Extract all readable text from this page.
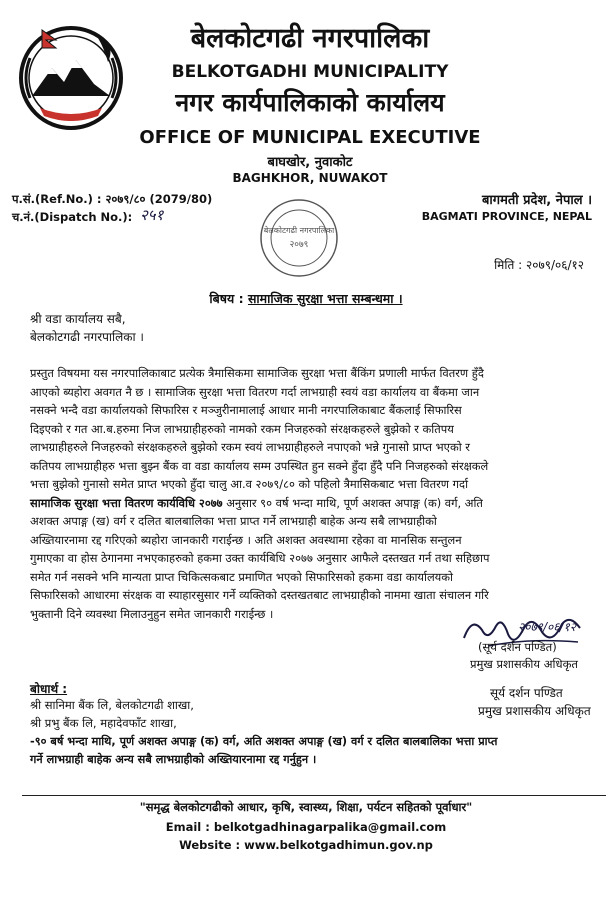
बेलकोटगढी नगरपालिका
BELKOTGADHI MUNICIPALITY
नगर कार्यपालिकाको कार्यालय
OFFICE OF MUNICIPAL EXECUTIVE
बाघखोर, नुवाकोट
BAGHKHOR, NUWAKOT
प.सं.(Ref.No.) : २०७९/८० (2079/80)
च.नं.(Dispatch No.): २५१
बागमती प्रदेश, नेपाल ।
BAGMATI PROVINCE, NEPAL
बेलकोटगढी नगरपालिका
२०७९
मिति : २०७९/०६/१२
बिषय : सामाजिक सुरक्षा भत्ता सम्बन्धमा ।
श्री वडा कार्यालय सबै,
बेलकोटगढी नगरपालिका ।
प्रस्तुत विषयमा यस नगरपालिकाबाट प्रत्येक त्रैमासिकमा सामाजिक सुरक्षा भत्ता बैंकिंग प्रणाली मार्फत वितरण हुँदै
आएको ब्यहोरा अवगत नै छ । सामाजिक सुरक्षा भत्ता वितरण गर्दा लाभग्राही स्वयं वडा कार्यालय वा बैंकमा जान
नसक्ने भन्दै वडा कार्यालयको सिफारिस र मञ्जुरीनामालाई आधार मानी नगरपालिकाबाट बैंकलाई सिफारिस
दिइएको र गत आ.ब.हरुमा निज लाभग्राहीहरुको नामको रकम निजहरुको संरक्षकहरुले बुझेको र कतिपय
लाभग्राहीहरुले निजहरुको संरक्षकहरुले बुझेको रकम स्वयं लाभग्राहीहरुले नपाएको भन्ने गुनासो प्राप्त भएको र
कतिपय लाभग्राहीहरु भत्ता बुझ्न बैंक वा वडा कार्यालय सम्म उपस्थित हुन सक्ने हुँदा हुँदै पनि निजहरुको संरक्षकले
भत्ता बुझेको गुनासो समेत प्राप्त भएको हुँदा चालु आ.व २०७९/८० को पहिलो त्रैमासिकबाट भत्ता वितरण गर्दा
सामाजिक सुरक्षा भत्ता वितरण कार्यविधि २०७७ अनुसार ९० वर्ष भन्दा माथि, पूर्ण अशक्त अपाङ्ग (क) वर्ग, अति
अशक्त अपाङ्ग (ख) वर्ग र दलित बालबालिका भत्ता प्राप्त गर्ने लाभग्राही बाहेक अन्य सबै लाभग्राहीको
अख्तियारनामा रद्द गरिएको ब्यहोरा जानकारी गराईन्छ । अति अशक्त अवस्थामा रहेका वा मानसिक सन्तुलन
गुमाएका वा होस ठेगानमा नभएकाहरुको हकमा उक्त कार्यबिधि २०७७ अनुसार आफैले दस्तखत गर्न तथा सहिछाप
समेत गर्न नसक्ने भनि मान्यता प्राप्त चिकित्सकबाट प्रमाणित भएको सिफारिसको हकमा वडा कार्यालयको
सिफारिसको आधारमा संरक्षक वा स्याहारसुसार गर्ने व्यक्तिको दस्तखतबाट लाभग्राहीको नाममा खाता संचालन गरि
भुक्तानी दिने व्यवस्था मिलाउनुहुन समेत जानकारी गराईन्छ ।
२०७९/०६/१२
(सूर्य दर्शन पण्डित)
प्रमुख प्रशासकीय अधिकृत
सूर्य दर्शन पण्डित
प्रमुख प्रशासकीय अधिकृत
बोधार्थ :
श्री सानिमा बैंक लि, बेलकोटगढी शाखा,
श्री प्रभु बैंक लि, महादेवफाँट शाखा,
-९० बर्ष भन्दा माथि, पूर्ण अशक्त अपाङ्ग (क) वर्ग, अति अशक्त अपाङ्ग (ख) वर्ग र दलित बालबालिका भत्ता प्राप्त
गर्ने लाभग्राही बाहेक अन्य सबै लाभग्राहीको अख्तियारनामा रद्द गर्नुहुन ।
"समृद्ध बेलकोटगढीको आधार, कृषि, स्वास्थ्य, शिक्षा, पर्यटन सहितको पूर्वाधार"
Email : belkotgadhinagarpalika@gmail.com
Website : www.belkotgadhimun.gov.np
